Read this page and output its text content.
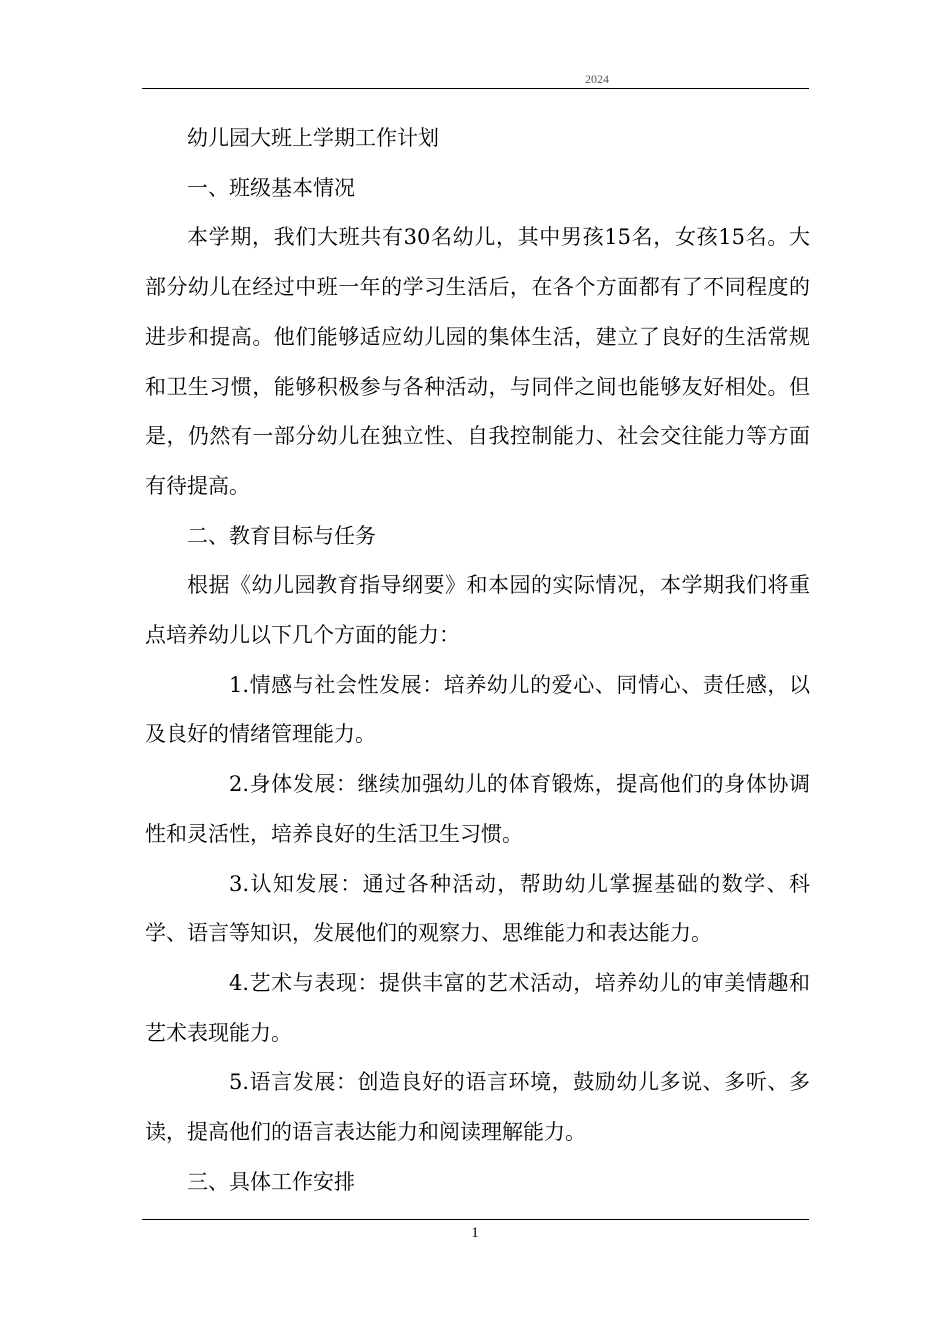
2024

幼儿园大班上学期工作计划

一、班级基本情况

本学期，我们大班共有30名幼儿，其中男孩15名，女孩15名。大部分幼儿在经过中班一年的学习生活后，在各个方面都有了不同程度的进步和提高。他们能够适应幼儿园的集体生活，建立了良好的生活常规和卫生习惯，能够积极参与各种活动，与同伴之间也能够友好相处。但是，仍然有一部分幼儿在独立性、自我控制能力、社会交往能力等方面有待提高。

二、教育目标与任务

根据《幼儿园教育指导纲要》和本园的实际情况，本学期我们将重点培养幼儿以下几个方面的能力：

1.情感与社会性发展：培养幼儿的爱心、同情心、责任感，以及良好的情绪管理能力。

2.身体发展：继续加强幼儿的体育锻炼，提高他们的身体协调性和灵活性，培养良好的生活卫生习惯。

3.认知发展：通过各种活动，帮助幼儿掌握基础的数学、科学、语言等知识，发展他们的观察力、思维能力和表达能力。

4.艺术与表现：提供丰富的艺术活动，培养幼儿的审美情趣和艺术表现能力。

5.语言发展：创造良好的语言环境，鼓励幼儿多说、多听、多读，提高他们的语言表达能力和阅读理解能力。

三、具体工作安排

1
